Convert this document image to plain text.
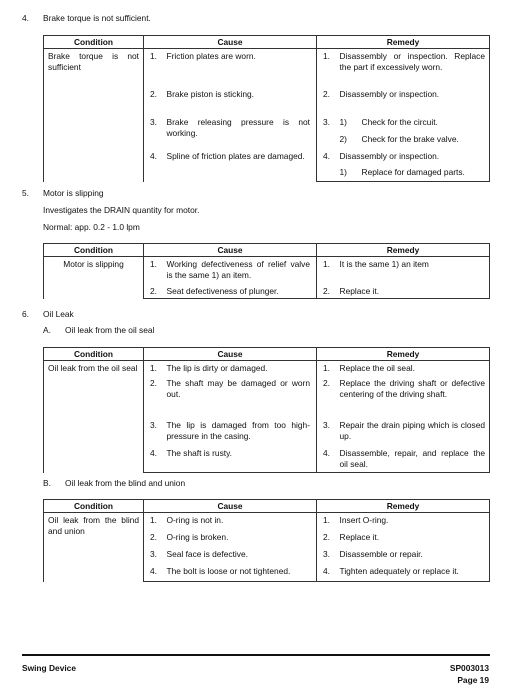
4. Brake torque is not sufficient.
Condition	Cause		Remedy	
Brake torque is not sufficient	1.	Friction plates are worn.	1.	Disassembly or inspection. Replace the part if excessively worn.
	2.	Brake piston is sticking.	2.	Disassembly or inspection.
	3.	Brake releasing pressure is not working.	3.	1) Check for the circuit.
				2) Check for the brake valve.
	4.	Spline of friction plates are damaged.	4.	Disassembly or inspection.
				1) Replace for damaged parts.
5. Motor is slipping
Investigates the DRAIN quantity for motor.
Normal: app. 0.2 - 1.0 lpm
Condition	Cause		Remedy	
Motor is slipping	1.	Working defectiveness of relief valve is the same 1) an item.	1.	It is the same 1) an item
	2.	Seat defectiveness of plunger.	2.	Replace it.
6. Oil Leak
A. Oil leak from the oil seal
Condition	Cause		Remedy	
Oil leak from the oil seal	1.	The lip is dirty or damaged.	1.	Replace the oil seal.
	2.	The shaft may be damaged or worn out.	2.	Replace the driving shaft or defective centering of the driving shaft.
	3.	The lip is damaged from too high-pressure in the casing.	3.	Repair the drain piping which is closed up.
	4.	The shaft is rusty.	4.	Disassemble, repair, and replace the oil seal.
B. Oil leak from the blind and union
Condition	Cause		Remedy	
Oil leak from the blind and union	1.	O-ring is not in.	1.	Insert O-ring.
	2.	O-ring is broken.	2.	Replace it.
	3.	Seal face is defective.	3.	Disassemble or repair.
	4.	The bolt is loose or not tightened.	4.	Tighten adequately or replace it.
Swing Device	SP003013
Page 19
